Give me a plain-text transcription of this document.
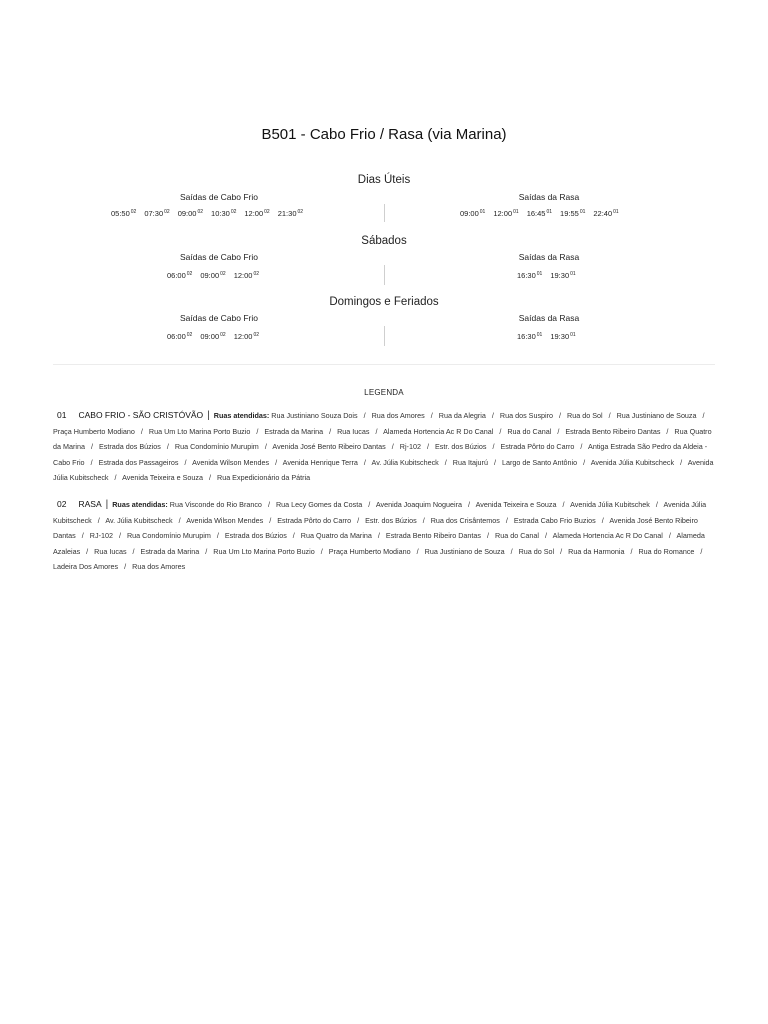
B501 - Cabo Frio / Rasa (via Marina)
Dias Úteis
Saídas de Cabo Frio	Saídas da Rasa
$05:50^{02}$ $07:30^{02}$ $09:00^{02}$ $10:30^{02}$ $12:00^{02}$ $21:30^{02}$	$09:00^{01}$ $12:00^{01}$ $16:45^{01}$ $19:55^{01}$ $22:40^{01}$
Sábados
Saídas de Cabo Frio	Saídas da Rasa
$06:00^{02}$ $09:00^{02}$ $12:00^{02}$	$16:30^{01}$ $19:30^{01}$
Domingos e Feriados
Saídas de Cabo Frio	Saídas da Rasa
$06:00^{02}$ $09:00^{02}$ $12:00^{02}$	$16:30^{01}$ $19:30^{01}$
LEGENDA
01 CABO FRIO - SÃO CRISTÓVÃO | Ruas atendidas: Rua Justiniano Souza Dois / Rua dos Amores / Rua da Alegria / Rua dos Suspiro / Rua do Sol / Rua Justiniano de Souza / Praça Humberto Modiano / Rua Um Lto Marina Porto Buzio / Estrada da Marina / Rua Iucas / Alameda Hortencia Ac R Do Canal / Rua do Canal / Estrada Bento Ribeiro Dantas / Rua Quatro da Marina / Estrada dos Búzios / Rua Condomínio Murupim / Avenida José Bento Ribeiro Dantas / Rj-102 / Estr. dos Búzios / Estrada Pôrto do Carro / Antiga Estrada São Pedro da Aldeia - Cabo Frio / Estrada dos Passageiros / Avenida Wilson Mendes / Avenida Henrique Terra / Av. Júlia Kubitscheck / Rua Itajurú / Largo de Santo Antônio / Avenida Júlia Kubitscheck / Avenida Júlia Kubitscheck / Avenida Teixeira e Souza / Rua Expedicionário da Pátria
02 RASA | Ruas atendidas: Rua Visconde do Rio Branco / Rua Lecy Gomes da Costa / Avenida Joaquim Nogueira / Avenida Teixeira e Souza / Avenida Júlia Kubitschek / Avenida Júlia Kubitscheck / Av. Júlia Kubitscheck / Avenida Wilson Mendes / Estrada Pôrto do Carro / Estr. dos Búzios / Rua dos Crisântemos / Estrada Cabo Frio Buzios / Avenida José Bento Ribeiro Dantas / RJ-102 / Rua Condomínio Murupim / Estrada dos Búzios / Rua Quatro da Marina / Estrada Bento Ribeiro Dantas / Rua do Canal / Alameda Hortencia Ac R Do Canal / Alameda Azaleias / Rua Iucas / Estrada da Marina / Rua Um Lto Marina Porto Buzio / Praça Humberto Modiano / Rua Justiniano de Souza / Rua do Sol / Rua da Harmonia / Rua do Romance / Ladeira Dos Amores / Rua dos Amores
